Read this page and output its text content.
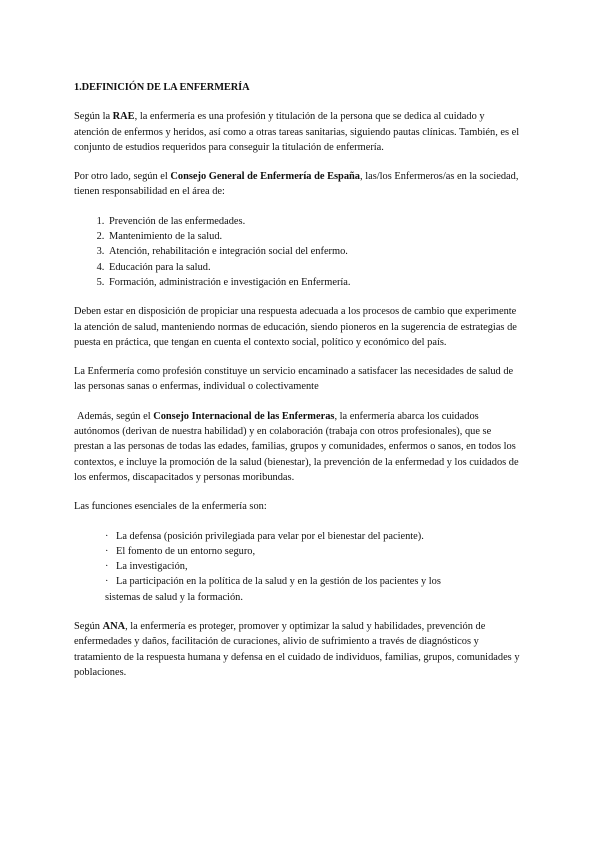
1.DEFINICIÓN DE LA ENFERMERÍA

Según la RAE, la enfermería es una profesión y titulación de la persona que se dedica al cuidado y atención de enfermos y heridos, así como a otras tareas sanitarias, siguiendo pautas clínicas. También, es el conjunto de estudios requeridos para conseguir la titulación de enfermería.

Por otro lado, según el Consejo General de Enfermería de España, las/los Enfermeros/as en la sociedad, tienen responsabilidad en el área de:

1. Prevención de las enfermedades.
2. Mantenimiento de la salud.
3. Atención, rehabilitación e integración social del enfermo.
4. Educación para la salud.
5. Formación, administración e investigación en Enfermería.

Deben estar en disposición de propiciar una respuesta adecuada a los procesos de cambio que experimente la atención de salud, manteniendo normas de educación, siendo pioneros en la sugerencia de estrategias de puesta en práctica, que tengan en cuenta el contexto social, político y económico del país.

La Enfermería como profesión constituye un servicio encaminado a satisfacer las necesidades de salud de las personas sanas o enfermas, individual o colectivamente

Además, según el Consejo Internacional de las Enfermeras, la enfermería abarca los cuidados autónomos (derivan de nuestra habilidad) y en colaboración (trabaja con otros profesionales), que se prestan a las personas de todas las edades, familias, grupos y comunidades, enfermos o sanos, en todos los contextos, e incluye la promoción de la salud (bienestar), la prevención de la enfermedad y los cuidados de los enfermos, discapacitados y personas moribundas.

Las funciones esenciales de la enfermería son:

· La defensa (posición privilegiada para velar por el bienestar del paciente).
· El fomento de un entorno seguro,
· La investigación,
· La participación en la política de la salud y en la gestión de los pacientes y los
sistemas de salud y la formación.

Según ANA, la enfermería es proteger, promover y optimizar la salud y habilidades, prevención de enfermedades y daños, facilitación de curaciones, alivio de sufrimiento a través de diagnósticos y tratamiento de la respuesta humana y defensa en el cuidado de individuos, familias, grupos, comunidades y poblaciones.
